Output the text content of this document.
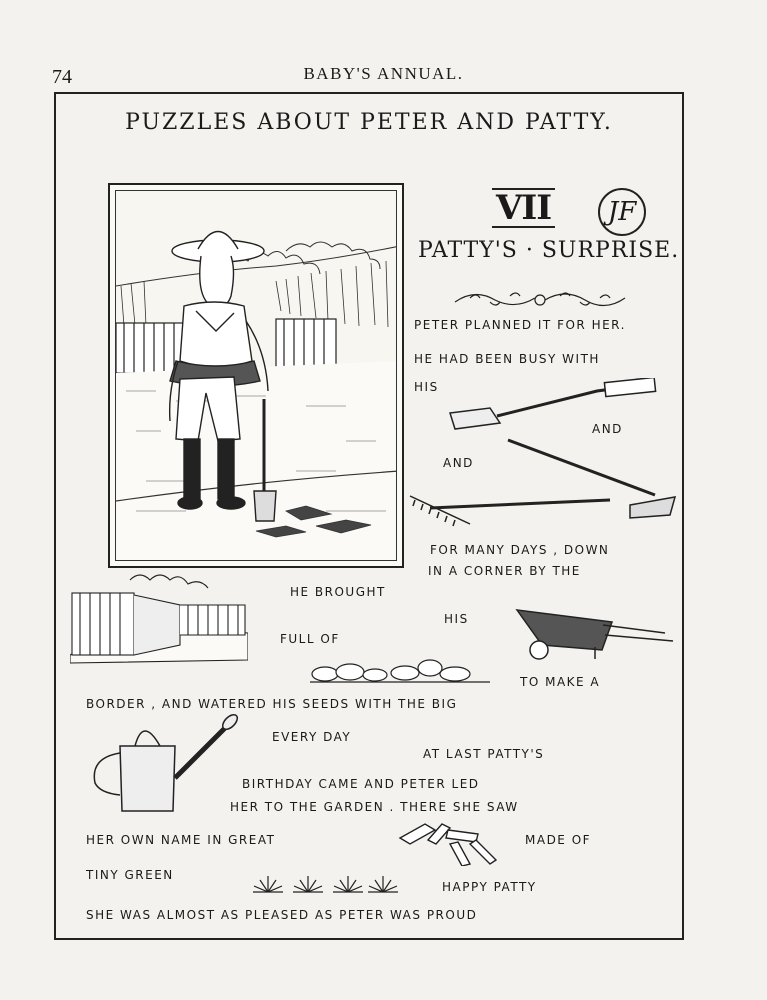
74	BABY'S ANNUAL.
PUZZLES ABOUT PETER AND PATTY.
VII	JF
PATTY'S · SURPRISE.
PETER PLANNED IT FOR HER.
HE HAD BEEN BUSY WITH
HIS
AND
AND
FOR MANY DAYS , DOWN
IN A CORNER BY THE
HE BROUGHT
HIS
FULL OF
TO MAKE A
BORDER , AND WATERED HIS SEEDS WITH THE BIG
EVERY DAY
AT LAST PATTY'S
BIRTHDAY CAME AND PETER LED
HER TO THE GARDEN . THERE SHE SAW
HER OWN NAME IN GREAT	MADE OF
TINY GREEN
HAPPY PATTY
SHE WAS ALMOST AS PLEASED AS PETER WAS PROUD
